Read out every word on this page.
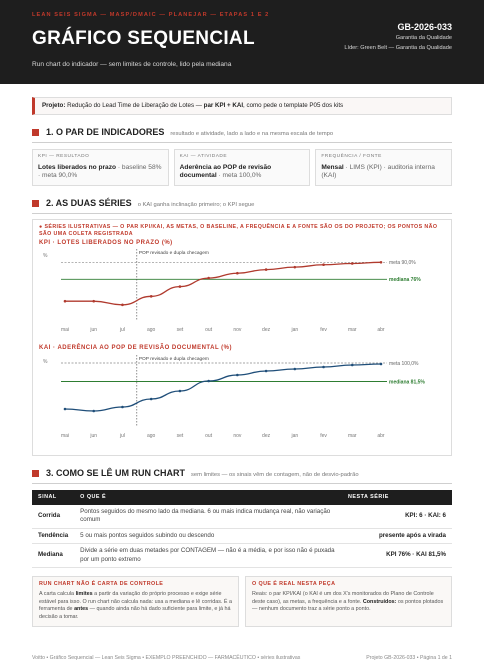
LEAN SEIS SIGMA — MASP/DMAIC — PLANEJAR — ETAPAS 1 E 2
GRÁFICO SEQUENCIAL
Run chart do indicador — sem limites de controle, lido pela mediana
GB-2026-033
Garantia da Qualidade
Líder: Green Belt — Garantia da Qualidade
Projeto: Redução do Lead Time de Liberação de Lotes — par KPI + KAI, como pede o template P05 dos kits
1. O PAR DE INDICADORES resultado e atividade, lado a lado e na mesma escala de tempo
KPI — RESULTADO
Lotes liberados no prazo · baseline 58% · meta 90,0%
KAI — ATIVIDADE
Aderência ao POP de revisão documental · meta 100,0%
FREQUÊNCIA / FONTE
Mensal · LIMS (KPI) · auditoria interna (KAI)
2. AS DUAS SÉRIES o KAI ganha inclinação primeiro; o KPI segue
● SÉRIES ILUSTRATIVAS — O PAR KPI/KAI, AS METAS, O BASELINE, A FREQUÊNCIA E A FONTE SÃO OS DO PROJETO; OS PONTOS NÃO SÃO UMA COLETA REGISTRADA
KPI · LOTES LIBERADOS NO PRAZO (%)
%
meta 90,0%
mediana 76%
POP revisado e dupla checagem
mai	jun	jul	ago	set	out	nov	dez	jan	fev	mar	abr
KAI · ADERÊNCIA AO POP DE REVISÃO DOCUMENTAL (%)
%	meta 100,0%
mediana 81,5%
POP revisado e dupla checagem
mai	jun	jul	ago	set	out	nov	dez	jan	fev	mar	abr
3. COMO SE LÊ UM RUN CHART sem limites — os sinais vêm de contagem, não de desvio-padrão
SINAL	O QUE É	NESTA SÉRIE
Corrida	Pontos seguidos do mesmo lado da mediana. 6 ou mais indica mudança real, não variação comum	KPI: 6 · KAI: 6
Tendência	5 ou mais pontos seguidos subindo ou descendo	presente após a virada
Mediana	Divide a série em duas metades por CONTAGEM — não é a média, e por isso não é puxada por um ponto extremo	KPI 76% · KAI 81,5%
RUN CHART NÃO É CARTA DE CONTROLE
A carta calcula limites a partir da variação do próprio processo e exige série estável para isso. O run chart não calcula nada: usa a mediana e lê corridas. É a ferramenta de antes — quando ainda não há dado suficiente para limite, e já há decisão a tomar.
O QUE É REAL NESTA PEÇA
Reais: o par KPI/KAI (o KAI é um dos X's monitorados do Plano de Controle deste caso), as metas, a frequência e a fonte. Construídos: os pontos plotados — nenhum documento traz a série ponto a ponto.
Voitto • Gráfico Sequencial — Lean Seis Sigma • EXEMPLO PREENCHIDO — FARMACÊUTICO • séries ilustrativas	Projeto GB-2026-033 • Página 1 de 1
